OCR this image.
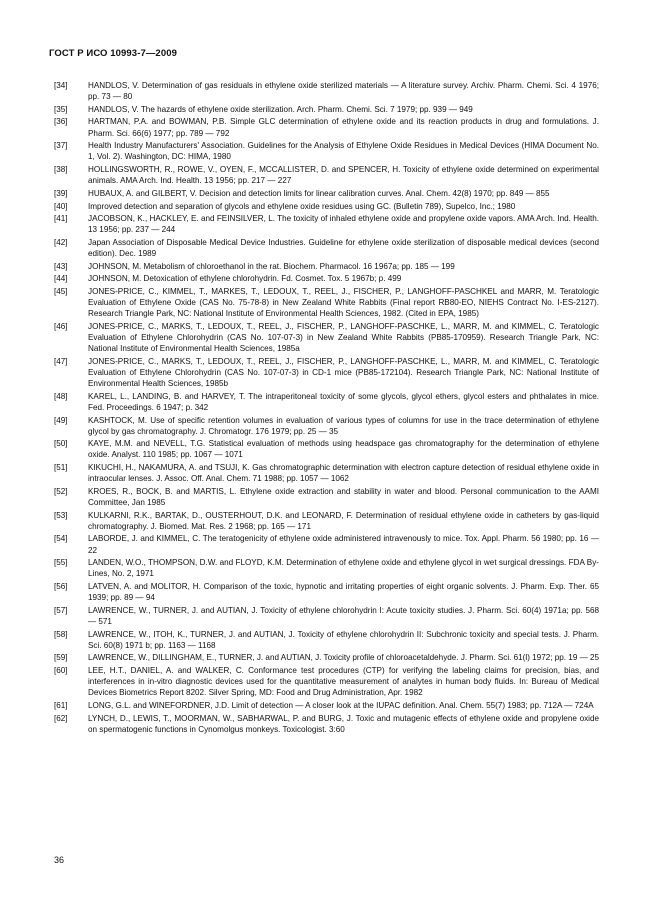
ГОСТ Р ИСО 10993-7—2009
[34]	HANDLOS, V. Determination of gas residuals in ethylene oxide sterilized materials — A literature survey. Archiv. Pharm. Chemi. Sci. 4 1976; pp. 73 — 80
[35]	HANDLOS, V. The hazards of ethylene oxide sterilization. Arch. Pharm. Chemi. Sci. 7 1979; pp. 939 — 949
[36]	HARTMAN, P.A. and BOWMAN, P.B. Simple GLC determination of ethylene oxide and its reaction products in drug and formulations. J. Pharm. Sci. 66(6) 1977; pp. 789 — 792
[37]	Health Industry Manufacturers' Association. Guidelines for the Analysis of Ethylene Oxide Residues in Medical Devices (HIMA Document No. 1, Vol. 2). Washington, DC: HIMA, 1980
[38]	HOLLINGSWORTH, R., ROWE, V., OYEN, F., MCCALLISTER, D. and SPENCER, H. Toxicity of ethylene oxide determined on experimental animals. AMA Arch. Ind. Health. 13 1956; pp. 217 — 227
[39]	HUBAUX, A. and GILBERT, V. Decision and detection limits for linear calibration curves. Anal. Chem. 42(8) 1970; pp. 849 — 855
[40]	Improved detection and separation of glycols and ethylene oxide residues using GC. (Bulletin 789), Supelco, Inc.; 1980
[41]	JACOBSON, K., HACKLEY, E. and FEINSILVER, L. The toxicity of inhaled ethylene oxide and propylene oxide vapors. AMA Arch. Ind. Health. 13 1956; pp. 237 — 244
[42]	Japan Association of Disposable Medical Device Industries. Guideline for ethylene oxide sterilization of disposable medical devices (second edition). Dec. 1989
[43]	JOHNSON, M. Metabolism of chloroethanol in the rat. Biochem. Pharmacol. 16 1967a; pp. 185 — 199
[44]	JOHNSON, M. Detoxication of ethylene chlorohydrin. Fd. Cosmet. Tox. 5 1967b; p. 499
[45]	JONES-PRICE, C., KIMMEL, T., MARKES, T., LEDOUX, T., REEL, J., FISCHER, P., LANGHOFF-PASCHKEL and MARR, M. Teratologic Evaluation of Ethylene Oxide (CAS No. 75-78-8) in New Zealand White Rabbits (Final report RB80-EO, NIEHS Contract No. I-ES-2127). Research Triangle Park, NC: National Institute of Environmental Health Sciences, 1982. (Cited in EPA, 1985)
[46]	JONES-PRICE, C., MARKS, T., LEDOUX, T., REEL, J., FISCHER, P., LANGHOFF-PASCHKE, L., MARR, M. and KIMMEL, C. Teratologic Evaluation of Ethylene Chlorohydrin (CAS No. 107-07-3) in New Zealand White Rabbits (PB85-170959). Research Triangle Park, NC: National Institute of Environmental Health Sciences, 1985a
[47]	JONES-PRICE, C., MARKS, T., LEDOUX, T., REEL, J., FISCHER, P., LANGHOFF-PASCHKE, L., MARR, M. and KIMMEL, C. Teratologic Evaluation of Ethylene Chlorohydrin (CAS No. 107-07-3) in CD-1 mice (PB85-172104). Research Triangle Park, NC: National Institute of Environmental Health Sciences, 1985b
[48]	KAREL, L., LANDING, B. and HARVEY, T. The intraperitoneal toxicity of some glycols, glycol ethers, glycol esters and phthalates in mice. Fed. Proceedings. 6 1947; p. 342
[49]	KASHTOCK, M. Use of specific retention volumes in evaluation of various types of columns for use in the trace determination of ethylene glycol by gas chromatography. J. Chromatogr. 176 1979; pp. 25 — 35
[50]	KAYE, M.M. and NEVELL, T.G. Statistical evaluation of methods using headspace gas chromatography for the determination of ethylene oxide. Analyst. 110 1985; pp. 1067 — 1071
[51]	KIKUCHI, H., NAKAMURA, A. and TSUJI, K. Gas chromatographic determination with electron capture detection of residual ethylene oxide in intraocular lenses. J. Assoc. Off. Anal. Chem. 71 1988; pp. 1057 — 1062
[52]	KROES, R., BOCK, B. and MARTIS, L. Ethylene oxide extraction and stability in water and blood. Personal communication to the AAMI Committee, Jan 1985
[53]	KULKARNI, R.K., BARTAK, D., OUSTERHOUT, D.K. and LEONARD, F. Determination of residual ethylene oxide in catheters by gas-liquid chromatography. J. Biomed. Mat. Res. 2 1968; pp. 165 — 171
[54]	LABORDE, J. and KIMMEL, C. The teratogenicity of ethylene oxide administered intravenously to mice. Tox. Appl. Pharm. 56 1980; pp. 16 — 22
[55]	LANDEN, W.O., THOMPSON, D.W. and FLOYD, K.M. Determination of ethylene oxide and ethylene glycol in wet surgical dressings. FDA By-Lines, No. 2, 1971
[56]	LATVEN, A. and MOLITOR, H. Comparison of the toxic, hypnotic and irritating properties of eight organic solvents. J. Pharm. Exp. Ther. 65 1939; pp. 89 — 94
[57]	LAWRENCE, W., TURNER, J. and AUTIAN, J. Toxicity of ethylene chlorohydrin I: Acute toxicity studies. J. Pharm. Sci. 60(4) 1971a; pp. 568 — 571
[58]	LAWRENCE, W., ITOH, K., TURNER, J. and AUTIAN, J. Toxicity of ethylene chlorohydrin II: Subchronic toxicity and special tests. J. Pharm. Sci. 60(8) 1971 b; pp. 1163 — 1168
[59]	LAWRENCE, W., DILLINGHAM, E., TURNER, J. and AUTIAN, J. Toxicity profile of chloroacetaldehyde. J. Pharm. Sci. 61(l) 1972; pp. 19 — 25
[60]	LEE, H.T., DANIEL, A. and WALKER, C. Conformance test procedures (CTP) for verifying the labeling claims for precision, bias, and interferences in in-vitro diagnostic devices used for the quantitative measurement of analytes in human body fluids. In: Bureau of Medical Devices Biometrics Report 8202. Silver Spring, MD: Food and Drug Administration, Apr. 1982
[61]	LONG, G.L. and WINEFORDNER, J.D. Limit of detection — A closer look at the IUPAC definition. Anal. Chem. 55(7) 1983; pp. 712A — 724A
[62]	LYNCH, D., LEWIS, T., MOORMAN, W., SABHARWAL, P. and BURG, J. Toxic and mutagenic effects of ethylene oxide and propylene oxide on spermatogenic functions in Cynomolgus monkeys. Toxicologist. 3:60
36
